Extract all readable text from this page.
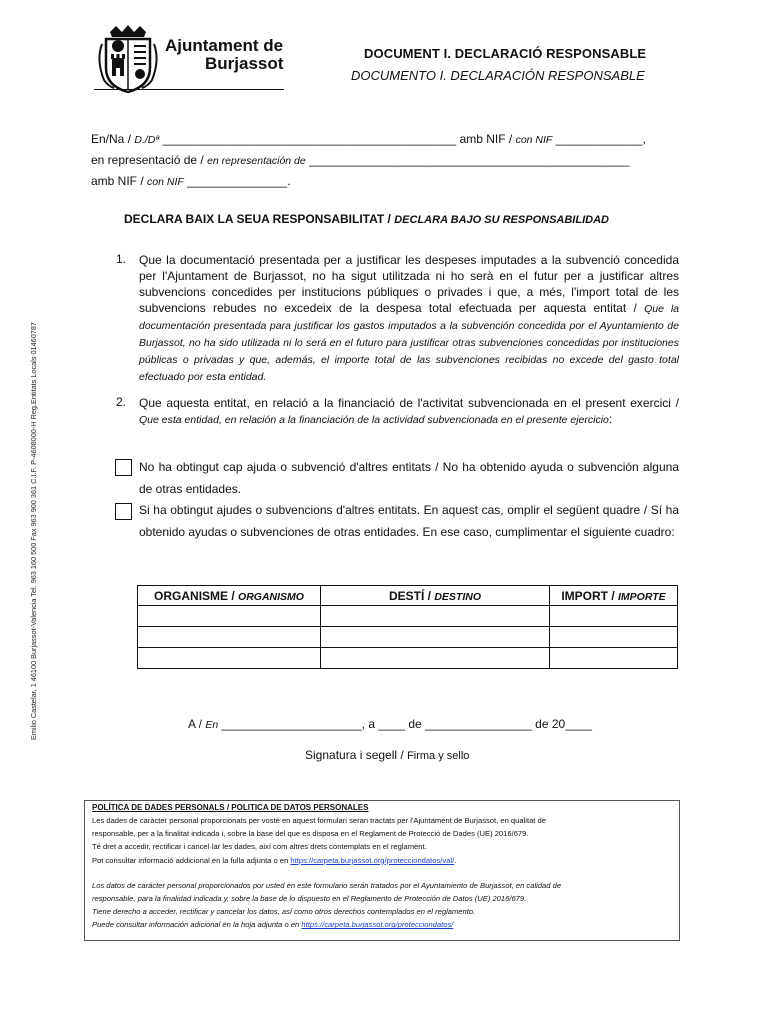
Ajuntament de
Burjassot
DOCUMENT I. DECLARACIÓ RESPONSABLE
DOCUMENTO I. DECLARACIÓN RESPONSABLE
En/Na / D./Dª ____________________________________________ amb NIF / con NIF _____________,
en representació de / en representación de ________________________________________________
amb NIF / con NIF _______________.
DECLARA BAIX LA SEUA RESPONSABILITAT / DECLARA BAJO SU RESPONSABILIDAD
1. Que la documentació presentada per a justificar les despeses imputades a la subvenció concedida per l'Ajuntament de Burjassot, no ha sigut utilitzada ni ho serà en el futur per a justificar altres subvencions concedides per institucions públiques o privades i que, a més, l'import total de les subvencions rebudes no excedeix de la despesa total efectuada per aquesta entitat / Que la documentación presentada para justificar los gastos imputados a la subvención concedida por el Ayuntamiento de Burjassot, no ha sido utilizada ni lo será en el futuro para justificar otras subvenciones concedidas por instituciones públicas o privadas y que, además, el importe total de las subvenciones recibidas no excede del gasto total efectuado por esta entidad.
2. Que aquesta entitat, en relació a la financiació de l'activitat subvencionada en el present exercici / Que esta entidad, en relación a la financiación de la actividad subvencionada en el presente ejercicio:
No ha obtingut cap ajuda o subvenció d'altres entitats / No ha obtenido ayuda o subvención alguna de otras entidades.
Si ha obtingut ajudes o subvencions d'altres entitats. En aquest cas, omplir el següent quadre / Sí ha obtenido ayudas o subvenciones de otras entidades. En ese caso, cumplimentar el siguiente cuadro:
ORGANISME / ORGANISMO	DESTÍ / DESTINO	IMPORT / IMPORTE

A / En _____________________, a ____ de ________________ de 20____
Signatura i segell / Firma y sello
POLÍTICA DE DADES PERSONALS / POLITICA DE DATOS PERSONALES
Les dades de caràcter personal proporcionats per vosté en aquest formulari seran tractats per l'Ajuntament de Burjassot, en qualitat de
responsable, per a la finalitat indicada i, sobre la base del que es disposa en el Reglament de Protecció de Dades (UE) 2016/679.
Té dret a accedir, rectificar i cancel·lar les dades, així com altres drets contemplats en el reglament.
Pot consultar informació addicional en la fulla adjunta o en https://carpeta.burjassot.org/protecciondatos/val/.
Los datos de carácter personal proporcionados por usted en este formulario serán tratados por el Ayuntamiento de Burjassot, en calidad de
responsable, para la finalidad indicada y, sobre la base de lo dispuesto en el Reglamento de Protección de Datos (UE) 2016/679.
Tiene derecho a acceder, rectificar y cancelar los datos, así como otros derechos contemplados en el reglamento.
Puede consultar información adicional en la hoja adjunta o en https://carpeta.burjassot.org/protecciondatos/
Emilio Castelar, 1 46100 Burjassot-Valencia Tel. 963 160 500 Fax 963 900 361 C.I.F. P-4608000-H Reg.Entitats Locals 01460787
